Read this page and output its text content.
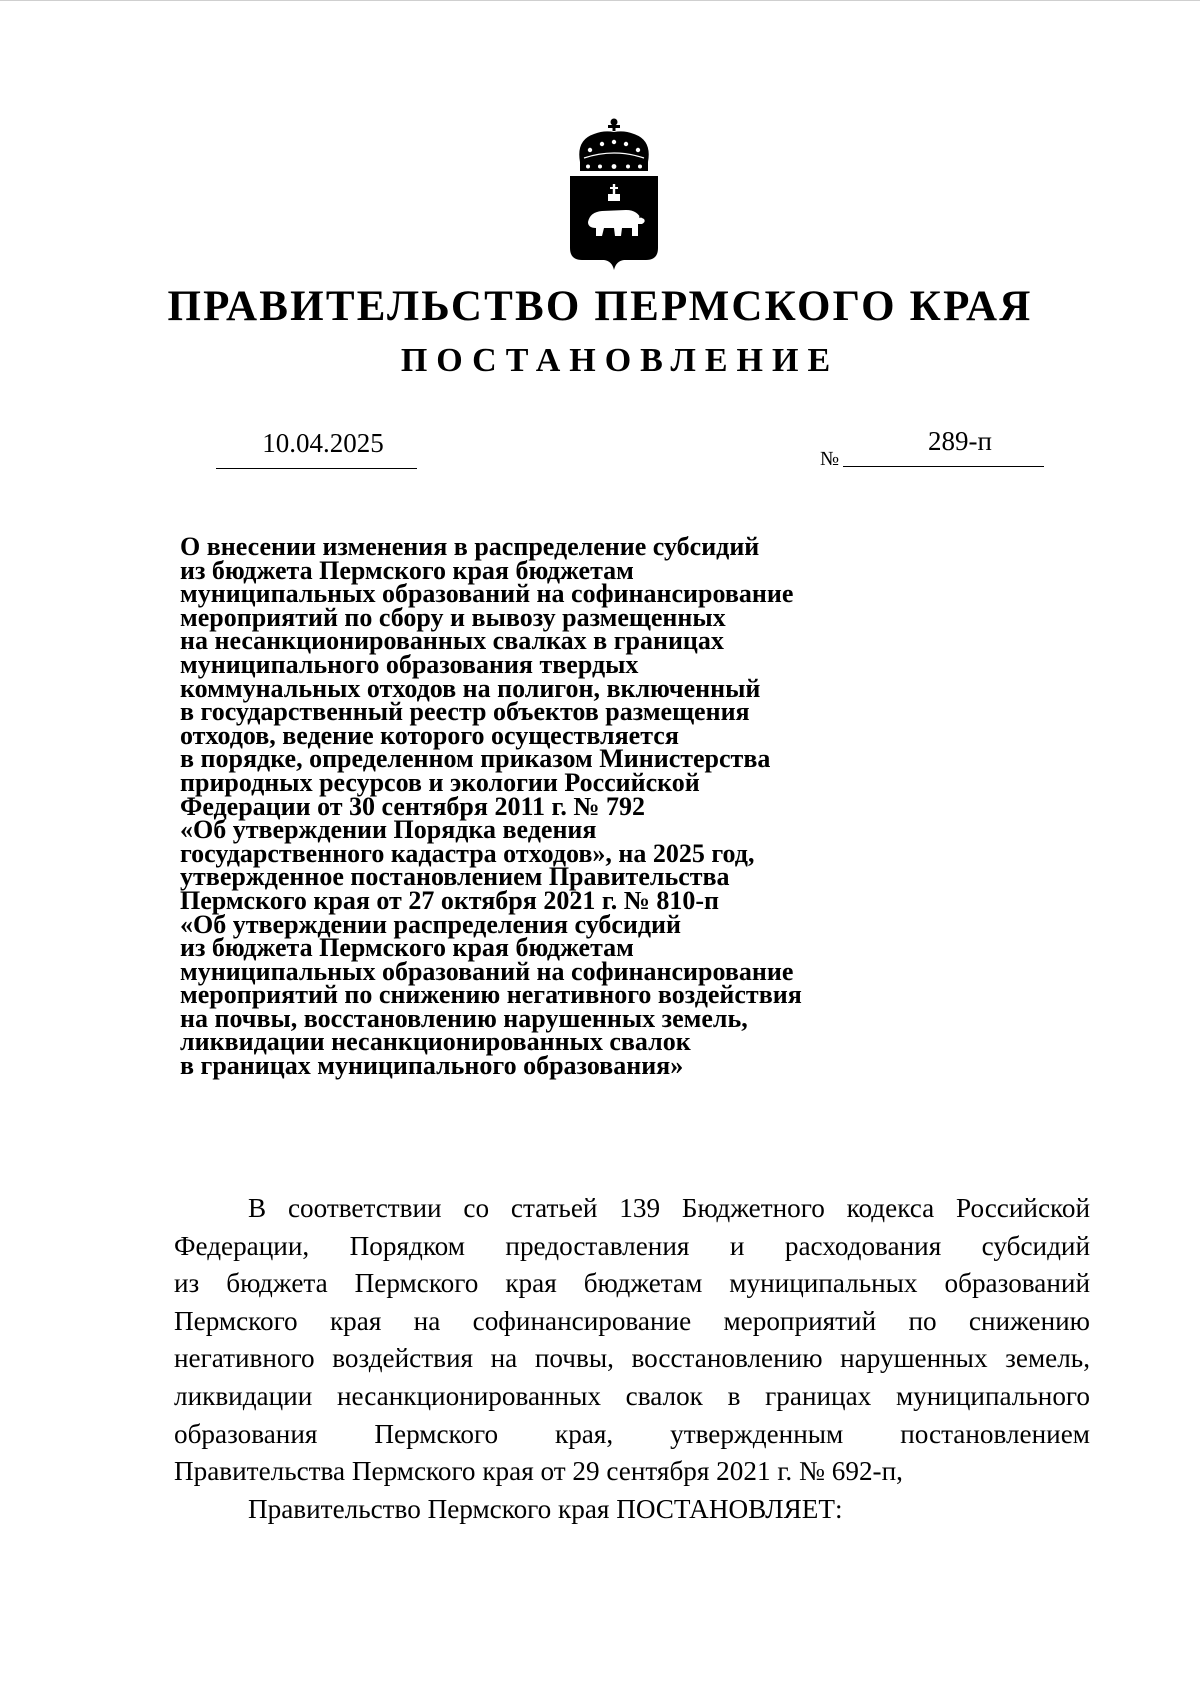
ПРАВИТЕЛЬСТВО ПЕРМСКОГО КРАЯ
ПОСТАНОВЛЕНИЕ
10.04.2025
№
289-п
О внесении изменения в распределение субсидий
из бюджета Пермского края бюджетам
муниципальных образований на софинансирование
мероприятий по сбору и вывозу размещенных
на несанкционированных свалках в границах
муниципального образования твердых
коммунальных отходов на полигон, включенный
в государственный реестр объектов размещения
отходов, ведение которого осуществляется
в порядке, определенном приказом Министерства
природных ресурсов и экологии Российской
Федерации от 30 сентября 2011 г. № 792
«Об утверждении Порядка ведения
государственного кадастра отходов», на 2025 год,
утвержденное постановлением Правительства
Пермского края от 27 октября 2021 г. № 810-п
«Об утверждении распределения субсидий
из бюджета Пермского края бюджетам
муниципальных образований на софинансирование
мероприятий по снижению негативного воздействия
на почвы, восстановлению нарушенных земель,
ликвидации несанкционированных свалок
в границах муниципального образования»
В соответствии со статьей 139 Бюджетного кодекса Российской
Федерации, Порядком предоставления и расходования субсидий
из бюджета Пермского края бюджетам муниципальных образований
Пермского края на софинансирование мероприятий по снижению
негативного воздействия на почвы, восстановлению нарушенных земель,
ликвидации несанкционированных свалок в границах муниципального
образования Пермского края, утвержденным постановлением
Правительства Пермского края от 29 сентября 2021 г. № 692-п,
Правительство Пермского края ПОСТАНОВЛЯЕТ:
